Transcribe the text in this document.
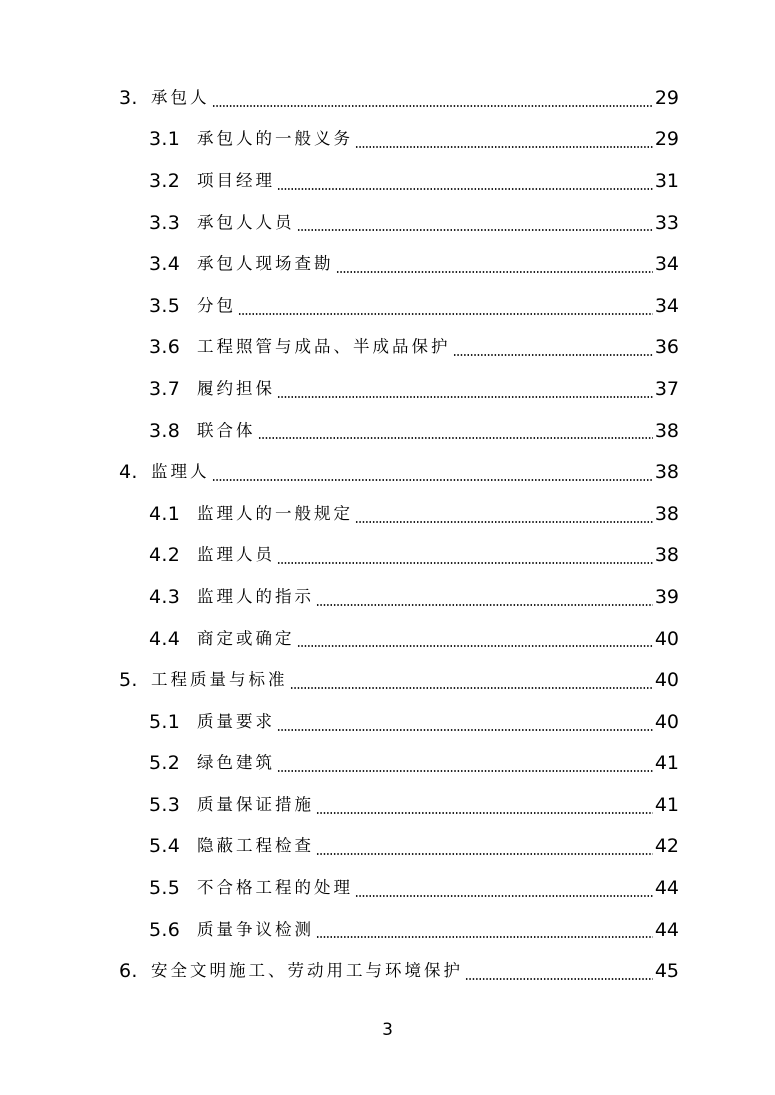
3. 承包人	29
3.1	承包人的一般义务	29
3.2	项目经理	31
3.3	承包人人员	33
3.4	承包人现场查勘	34
3.5	分包	34
3.6	工程照管与成品、半成品保护	36
3.7	履约担保	37
3.8	联合体	38
4. 监理人	38
4.1	监理人的一般规定	38
4.2	监理人员	38
4.3	监理人的指示	39
4.4	商定或确定	40
5. 工程质量与标准	40
5.1	质量要求	40
5.2	绿色建筑	41
5.3	质量保证措施	41
5.4	隐蔽工程检查	42
5.5	不合格工程的处理	44
5.6	质量争议检测	44
6. 安全文明施工、劳动用工与环境保护	45
3
